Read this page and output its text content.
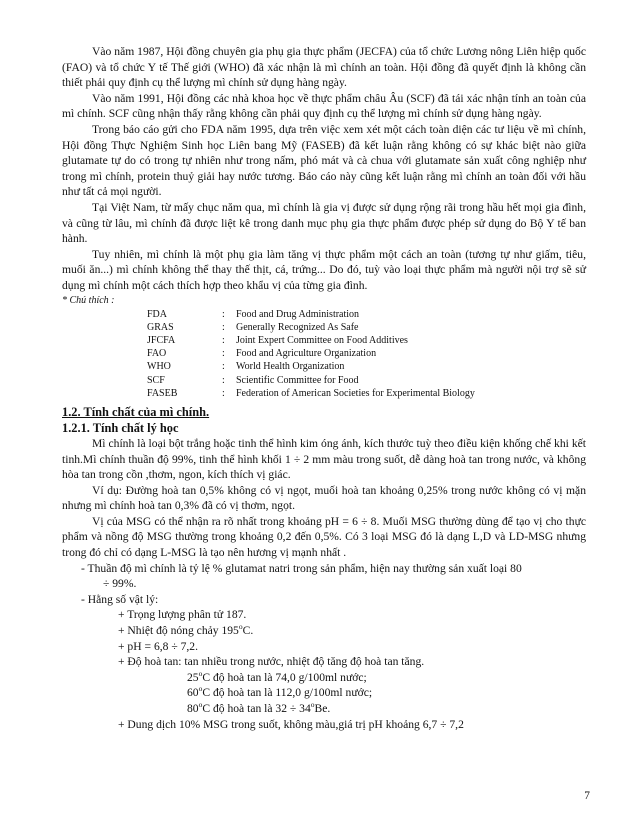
Vào năm 1987, Hội đồng chuyên gia phụ gia thực phẩm (JECFA) của tổ chức Lương nông Liên hiệp quốc (FAO) và tổ chức Y tế Thế giới (WHO) đã xác nhận là mì chính an toàn. Hội đồng đã quyết định là không cần thiết phải quy định cụ thể lượng mì chính sử dụng hàng ngày.

Vào năm 1991, Hội đồng các nhà khoa học về thực phẩm châu Âu (SCF) đã tái xác nhận tính an toàn của mì chính. SCF cũng nhận thấy rằng không cần phải quy định cụ thể lượng mì chính sử dụng hàng ngày.

Trong báo cáo gửi cho FDA năm 1995, dựa trên việc xem xét một cách toàn diện các tư liệu về mì chính, Hội đồng Thực Nghiệm Sinh học Liên bang Mỹ (FASEB) đã kết luận rằng không có sự khác biệt nào giữa glutamate tự do có trong tự nhiên như trong nấm, phó mát và cà chua với glutamate sản xuất công nghiệp như trong mì chính, protein thuỷ giải hay nước tương. Báo cáo này cũng kết luận rằng mì chính an toàn đối với hầu như tất cả mọi người.

Tại Việt Nam, từ mấy chục năm qua, mì chính là gia vị được sử dụng rộng rãi trong hầu hết mọi gia đình, và cũng từ lâu, mì chính đã được liệt kê trong danh mục phụ gia thực phẩm được phép sử dụng do Bộ Y tế ban hành.

Tuy nhiên, mì chính là một phụ gia làm tăng vị thực phẩm một cách an toàn (tương tự như giấm, tiêu, muối ăn...) mì chính không thể thay thế thịt, cá, trứng... Do đó, tuỳ vào loại thực phẩm mà người nội trợ sẽ sử dụng mì chính một cách thích hợp theo khẩu vị của từng gia đình.

* Chú thích :

FDA	:	Food and Drug Administration
GRAS	:	Generally Recognized As Safe
JFCFA	:	Joint Expert Committee on Food Additives
FAO	:	Food and Agriculture Organization
WHO	:	World Health Organization
SCF	:	Scientific Committee for Food
FASEB	:	Federation of American Societies for Experimental Biology

1.2. Tính chất của mì chính.

1.2.1. Tính chất lý học

Mì chính là loại bột trắng hoặc tinh thể hình kim óng ánh, kích thước tuỳ theo điều kiện khống chế khi kết tinh.Mì chính thuần độ 99%, tinh thể hình khối 1 ÷ 2 mm màu trong suốt, dễ dàng hoà tan trong nước, và không hòa tan trong cồn ,thơm, ngon, kích thích vị giác.

Ví dụ: Đường hoà tan 0,5% không có vị ngọt, muối hoà tan khoảng 0,25% trong nước không có vị mặn nhưng mì chính hoà tan 0,3% đã có vị thơm, ngọt.

Vị của MSG có thể nhận ra rõ nhất trong khoảng pH = 6 ÷ 8. Muối MSG thường dùng để tạo vị cho thực phẩm và nồng độ MSG thường trong khoảng 0,2 đến 0,5%. Có 3 loại MSG đó là dạng L,D và LD-MSG nhưng trong đó chỉ có dạng L-MSG là tạo nên hương vị mạnh nhất .

- Thuần độ mì chính là tỷ lệ % glutamat natri trong sản phẩm, hiện nay thường sản xuất loại 80

÷ 99%.

- Hằng số vật lý:

+ Trọng lượng phân tử 187.

+ Nhiệt độ nóng chảy 195$^o$C.

+ pH = 6,8 ÷ 7,2.

+ Độ hoà tan: tan nhiều trong nước, nhiệt độ tăng độ hoà tan tăng.

25$^o$C độ hoà tan là 74,0 g/100ml nước;

60$^o$C độ hoà tan là 112,0 g/100ml nước;

80$^o$C độ hoà tan là $32 \div 34^oBe$.

+ Dung dịch 10% MSG trong suốt, không màu,giá trị pH khoảng 6,7 ÷ 7,2

7
